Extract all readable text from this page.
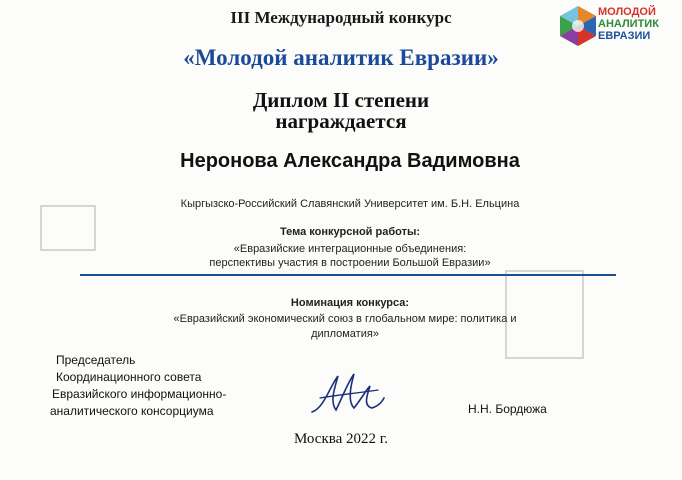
МОЛОДОЙ
АНАЛИТИК
ЕВРАЗИИ
III Международный конкурс
«Молодой аналитик Евразии»
Диплом II степени
награждается
Неронова Александра Вадимовна
Кыргызско-Российский Славянский Университет им. Б.Н. Ельцина
Тема конкурсной работы:
«Евразийские интеграционные объединения:
перспективы участия в построении Большой Евразии»
Номинация конкурса:
«Евразийский экономический союз в глобальном мире: политика и
дипломатия»
Председатель
Координационного совета
Евразийского информационно-
аналитического консорциума	Н.Н. Бордюжа
Москва 2022 г.
